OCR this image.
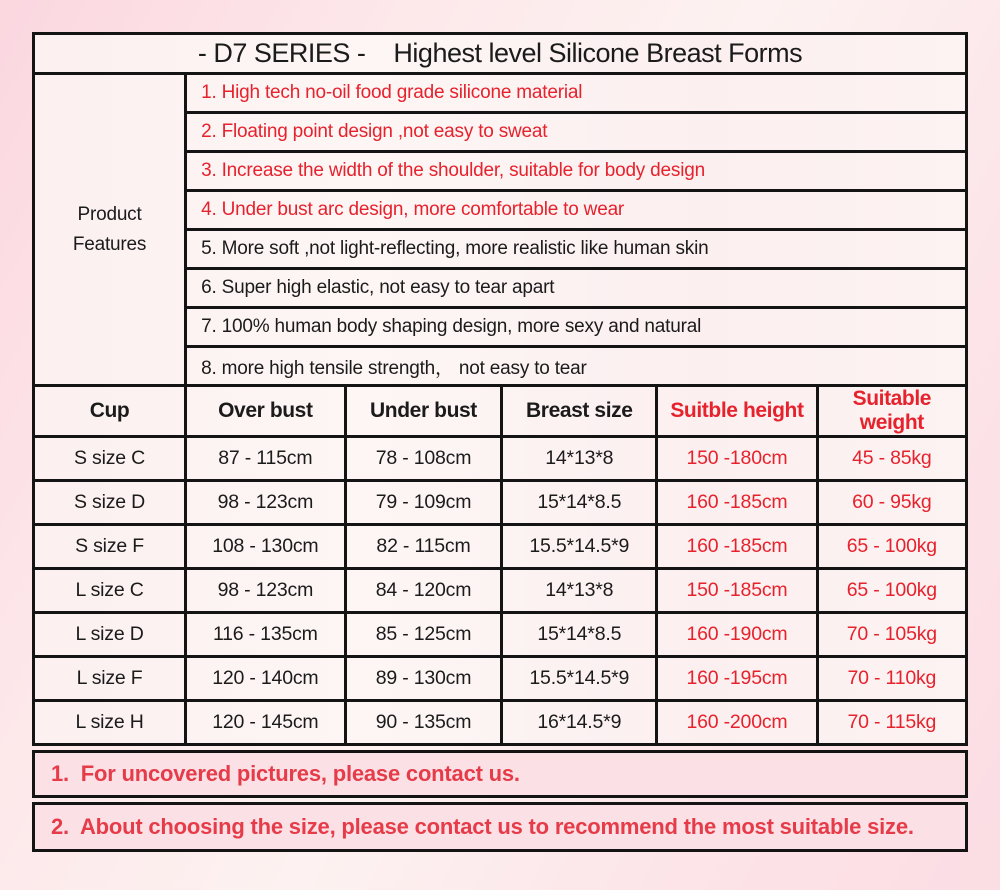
- D7 SERIES -    Highest level Silicone Breast Forms					

Product
Features	1. High tech no-oil food grade silicone material				
	2. Floating point design ,not easy to sweat				
	3. Increase the width of the shoulder, suitable for body design				
	4. Under bust arc design, more comfortable to wear				
	5. More soft ,not light-reflecting, more realistic like human skin				
	6. Super high elastic, not easy to tear apart				
	7. 100% human body shaping design, more sexy and natural				
	8. more high tensile strength， not easy to tear				
Cup	Over bust	Under bust	Breast size	Suitble height	Suitable weight
S size C	87 - 115cm	78 - 108cm	14*13*8	150 -180cm	45 - 85kg
S size D	98 - 123cm	79 - 109cm	15*14*8.5	160 -185cm	60 - 95kg
S size F	108 - 130cm	82 - 115cm	15.5*14.5*9	160 -185cm	65 - 100kg
L size C	98 - 123cm	84 - 120cm	14*13*8	150 -185cm	65 - 100kg
L size D	116 - 135cm	85 - 125cm	15*14*8.5	160 -190cm	70 - 105kg
L size F	120 - 140cm	89 - 130cm	15.5*14.5*9	160 -195cm	70 - 110kg
L size H	120 - 145cm	90 - 135cm	16*14.5*9	160 -200cm	70 - 115kg
1.  For uncovered pictures, please contact us.
2.  About choosing the size, please contact us to recommend the most suitable size.
